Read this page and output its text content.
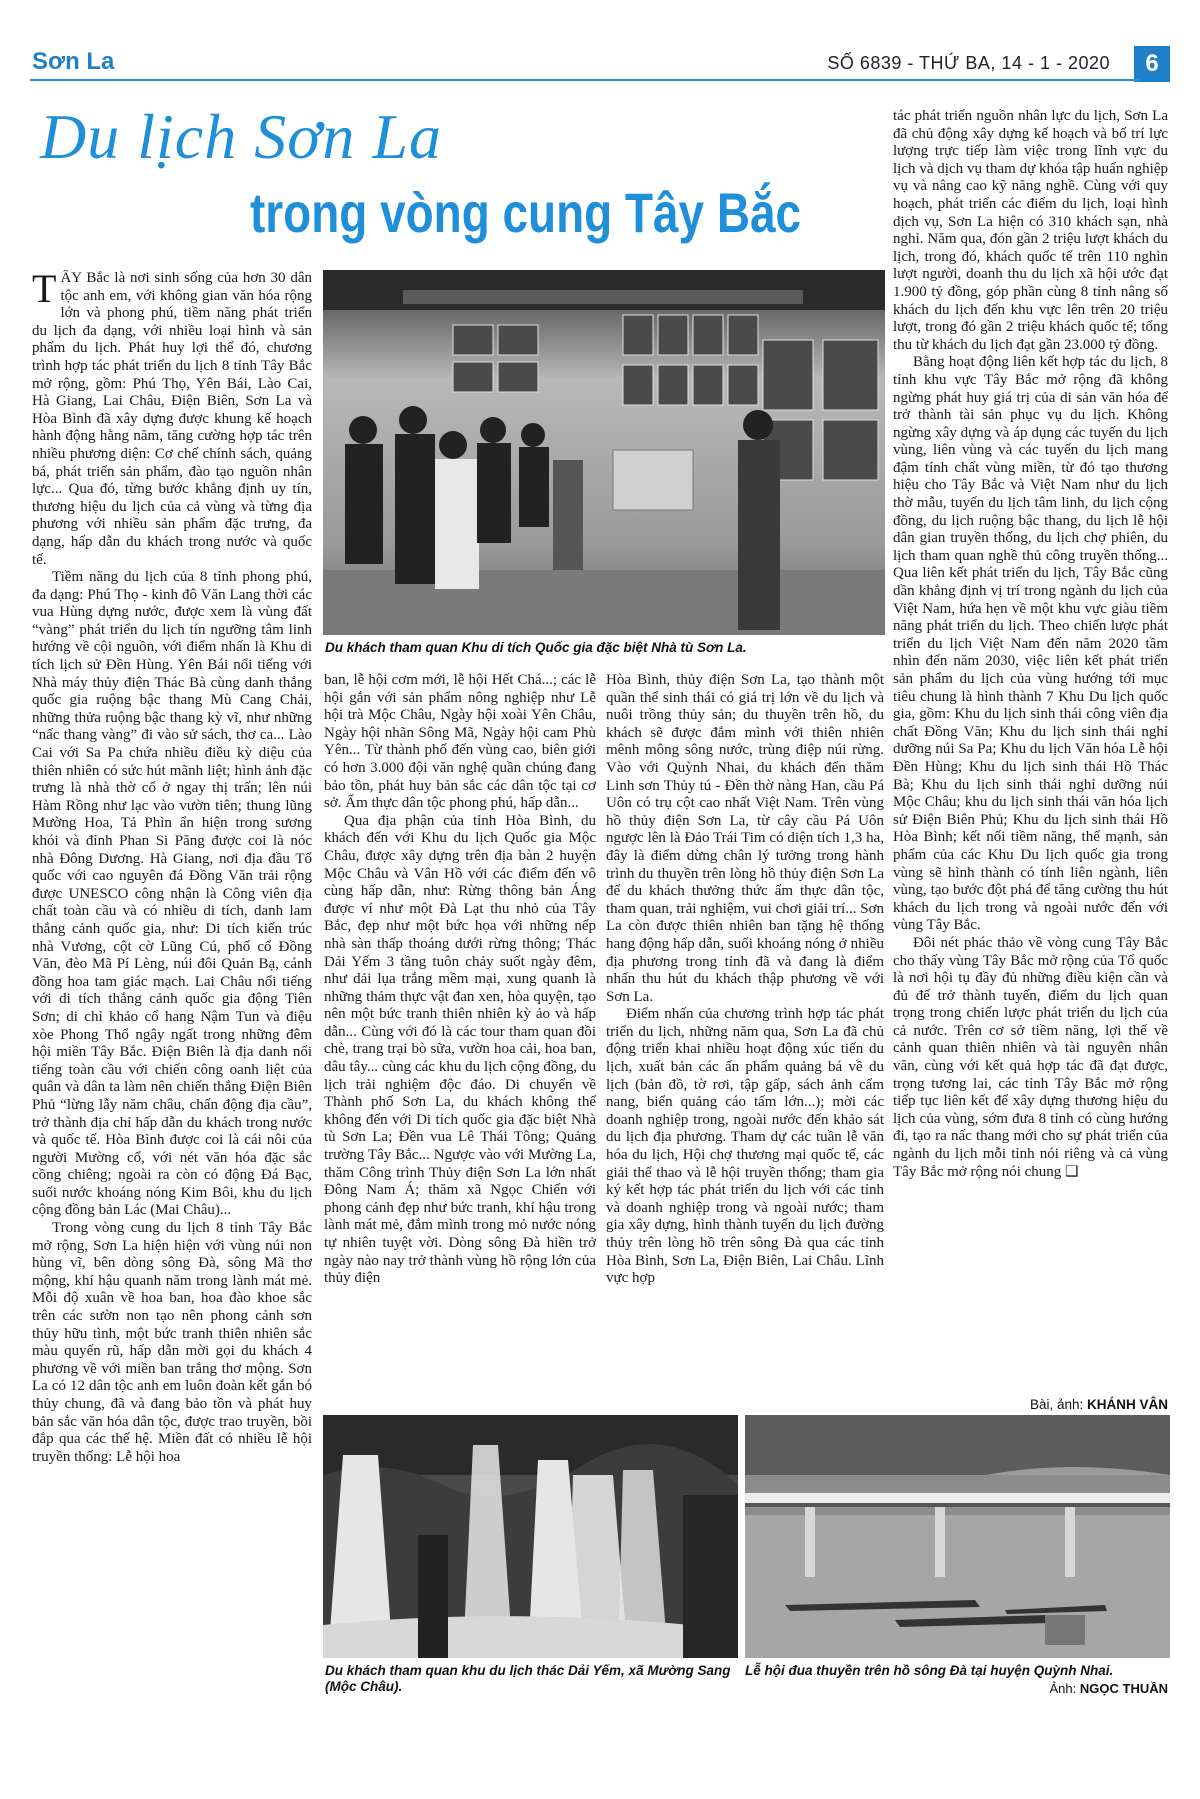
Sơn La	SỐ 6839 - THỨ BA, 14 - 1 - 2020	6
Du lịch Sơn La
trong vòng cung Tây Bắc
Du khách tham quan Khu di tích Quốc gia đặc biệt Nhà tù Sơn La.

TÂY Bắc là nơi sinh sống của hơn 30 dân tộc anh em, với không gian văn hóa rộng lớn và phong phú, tiềm năng phát triển du lịch đa dạng, với nhiều loại hình và sản phẩm du lịch. Phát huy lợi thế đó, chương trình hợp tác phát triển du lịch 8 tỉnh Tây Bắc mở rộng, gồm: Phú Thọ, Yên Bái, Lào Cai, Hà Giang, Lai Châu, Điện Biên, Sơn La và Hòa Bình đã xây dựng được khung kế hoạch hành động hằng năm, tăng cường hợp tác trên nhiều phương diện: Cơ chế chính sách, quảng bá, phát triển sản phẩm, đào tạo nguồn nhân lực... Qua đó, từng bước khẳng định uy tín, thương hiệu du lịch của cả vùng và từng địa phương với nhiều sản phẩm đặc trưng, đa dạng, hấp dẫn du khách trong nước và quốc tế.

Tiềm năng du lịch của 8 tỉnh phong phú, đa dạng: Phú Thọ - kinh đô Văn Lang thời các vua Hùng dựng nước, được xem là vùng đất “vàng” phát triển du lịch tín ngưỡng tâm linh hướng về cội nguồn, với điểm nhấn là Khu di tích lịch sử Đền Hùng. Yên Bái nổi tiếng với Nhà máy thủy điện Thác Bà cùng danh thắng quốc gia ruộng bậc thang Mù Cang Chải, những thửa ruộng bậc thang kỳ vĩ, như những “nấc thang vàng” đi vào sử sách, thơ ca... Lào Cai với Sa Pa chứa nhiều điều kỳ diệu của thiên nhiên có sức hút mãnh liệt; hình ảnh đặc trưng là nhà thờ cổ ở ngay thị trấn; lên núi Hàm Rồng như lạc vào vườn tiên; thung lũng Mường Hoa, Tả Phìn ẩn hiện trong sương khói và đỉnh Phan Si Păng được coi là nóc nhà Đông Dương. Hà Giang, nơi địa đầu Tổ quốc với cao nguyên đá Đồng Văn trải rộng được UNESCO công nhận là Công viên địa chất toàn cầu và có nhiều di tích, danh lam thắng cảnh quốc gia, như: Di tích kiến trúc nhà Vương, cột cờ Lũng Cú, phố cổ Đồng Văn, đèo Mã Pí Lèng, núi đôi Quản Bạ, cánh đồng hoa tam giác mạch. Lai Châu nổi tiếng với di tích thắng cảnh quốc gia động Tiên Sơn; di chỉ khảo cổ hang Nậm Tun và điệu xòe Phong Thổ ngây ngất trong những đêm hội miền Tây Bắc. Điện Biên là địa danh nổi tiếng toàn cầu với chiến công oanh liệt của quân và dân ta làm nên chiến thắng Điện Biên Phủ “lừng lẫy năm châu, chấn động địa cầu”, trở thành địa chỉ hấp dẫn du khách trong nước và quốc tế. Hòa Bình được coi là cái nôi của người Mường cổ, với nét văn hóa đặc sắc cồng chiêng; ngoài ra còn có động Đá Bạc, suối nước khoáng nóng Kim Bôi, khu du lịch cộng đồng bản Lác (Mai Châu)...

Trong vòng cung du lịch 8 tỉnh Tây Bắc mở rộng, Sơn La hiện hiện với vùng núi non hùng vĩ, bên dòng sông Đà, sông Mã thơ mộng, khí hậu quanh năm trong lành mát mẻ. Mỗi độ xuân về hoa ban, hoa đào khoe sắc trên các sườn non tạo nên phong cảnh sơn thủy hữu tình, một bức tranh thiên nhiên sắc màu quyến rũ, hấp dẫn mời gọi du khách 4 phương về với miền ban trắng thơ mộng. Sơn La có 12 dân tộc anh em luôn đoàn kết gắn bó thủy chung, đã và đang bảo tồn và phát huy bản sắc văn hóa dân tộc, được trao truyền, bồi đắp qua các thế hệ. Miền đất có nhiều lễ hội truyền thống: Lễ hội hoa

ban, lễ hội cơm mới, lễ hội Hết Chá...; các lễ hội gắn với sản phẩm nông nghiệp như Lễ hội trà Mộc Châu, Ngày hội xoài Yên Châu, Ngày hội nhãn Sông Mã, Ngày hội cam Phù Yên... Từ thành phố đến vùng cao, biên giới có hơn 3.000 đội văn nghệ quần chúng đang bảo tồn, phát huy bản sắc các dân tộc tại cơ sở. Ẩm thực dân tộc phong phú, hấp dẫn...

Qua địa phận của tỉnh Hòa Bình, du khách đến với Khu du lịch Quốc gia Mộc Châu, được xây dựng trên địa bàn 2 huyện Mộc Châu và Vân Hồ với các điểm đến vô cùng hấp dẫn, như: Rừng thông bản Áng được ví như một Đà Lạt thu nhỏ của Tây Bắc, đẹp như một bức họa với những nếp nhà sàn thấp thoáng dưới rừng thông; Thác Dải Yếm 3 tầng tuôn chảy suốt ngày đêm, như dải lụa trắng mềm mại, xung quanh là những thảm thực vật đan xen, hòa quyện, tạo nên một bức tranh thiên nhiên kỳ ảo và hấp dẫn... Cùng với đó là các tour tham quan đồi chè, trang trại bò sữa, vườn hoa cải, hoa ban, dâu tây... cùng các khu du lịch cộng đồng, du lịch trải nghiệm độc đáo. Di chuyển về Thành phố Sơn La, du khách không thể không đến với Di tích quốc gia đặc biệt Nhà tù Sơn La; Đền vua Lê Thái Tông; Quảng trường Tây Bắc... Ngược vào với Mường La, thăm Công trình Thủy điện Sơn La lớn nhất Đông Nam Á; thăm xã Ngọc Chiến với phong cảnh đẹp như bức tranh, khí hậu trong lành mát mẻ, đắm mình trong mỏ nước nóng tự nhiên tuyệt vời. Dòng sông Đà hiền trở ngày nào nay trở thành vùng hồ rộng lớn của thủy điện

Hòa Bình, thủy điện Sơn La, tạo thành một quần thể sinh thái có giá trị lớn về du lịch và nuôi trồng thủy sản; du thuyền trên hồ, du khách sẽ được đắm mình với thiên nhiên mênh mông sông nước, trùng điệp núi rừng. Vào với Quỳnh Nhai, du khách đến thăm Linh sơn Thủy tú - Đền thờ nàng Han, cầu Pá Uôn có trụ cột cao nhất Việt Nam. Trên vùng hồ thủy điện Sơn La, từ cây cầu Pá Uôn ngược lên là Đảo Trái Tim có diện tích 1,3 ha, đây là điểm dừng chân lý tưởng trong hành trình du thuyền trên lòng hồ thủy điện Sơn La để du khách thưởng thức ẩm thực dân tộc, tham quan, trải nghiệm, vui chơi giải trí... Sơn La còn được thiên nhiên ban tặng hệ thống hang động hấp dẫn, suối khoáng nóng ở nhiều địa phương trong tỉnh đã và đang là điểm nhấn thu hút du khách thập phương về với Sơn La.

Điểm nhấn của chương trình hợp tác phát triển du lịch, những năm qua, Sơn La đã chủ động triển khai nhiều hoạt động xúc tiến du lịch, xuất bản các ấn phẩm quảng bá về du lịch (bản đồ, tờ rơi, tập gấp, sách ảnh cẩm nang, biển quảng cáo tấm lớn...); mời các doanh nghiệp trong, ngoài nước đến khảo sát du lịch địa phương. Tham dự các tuần lễ văn hóa du lịch, Hội chợ thương mại quốc tế, các giải thể thao và lễ hội truyền thống; tham gia ký kết hợp tác phát triển du lịch với các tỉnh và doanh nghiệp trong và ngoài nước; tham gia xây dựng, hình thành tuyến du lịch đường thủy trên lòng hồ trên sông Đà qua các tỉnh Hòa Bình, Sơn La, Điện Biên, Lai Châu. Lĩnh vực hợp

tác phát triển nguồn nhân lực du lịch, Sơn La đã chủ động xây dựng kế hoạch và bố trí lực lượng trực tiếp làm việc trong lĩnh vực du lịch và dịch vụ tham dự khóa tập huấn nghiệp vụ và nâng cao kỹ năng nghề. Cùng với quy hoạch, phát triển các điểm du lịch, loại hình dịch vụ, Sơn La hiện có 310 khách sạn, nhà nghỉ. Năm qua, đón gần 2 triệu lượt khách du lịch, trong đó, khách quốc tế trên 110 nghìn lượt người, doanh thu du lịch xã hội ước đạt 1.900 tỷ đồng, góp phần cùng 8 tỉnh nâng số khách du lịch đến khu vực lên trên 20 triệu lượt, trong đó gần 2 triệu khách quốc tế; tổng thu từ khách du lịch đạt gần 23.000 tỷ đồng.

Bằng hoạt động liên kết hợp tác du lịch, 8 tỉnh khu vực Tây Bắc mở rộng đã không ngừng phát huy giá trị của di sản văn hóa để trở thành tài sản phục vụ du lịch. Không ngừng xây dựng và áp dụng các tuyến du lịch vùng, liên vùng và các tuyến du lịch mang đậm tính chất vùng miền, từ đó tạo thương hiệu cho Tây Bắc và Việt Nam như du lịch thờ mẫu, tuyến du lịch tâm linh, du lịch cộng đồng, du lịch ruộng bậc thang, du lịch lễ hội dân gian truyền thống, du lịch chợ phiên, du lịch tham quan nghề thủ công truyền thống... Qua liên kết phát triển du lịch, Tây Bắc cũng dần khẳng định vị trí trong ngành du lịch của Việt Nam, hứa hẹn về một khu vực giàu tiềm năng phát triển du lịch. Theo chiến lược phát triển du lịch Việt Nam đến năm 2020 tầm nhìn đến năm 2030, việc liên kết phát triển sản phẩm du lịch của vùng hướng tới mục tiêu chung là hình thành 7 Khu Du lịch quốc gia, gồm: Khu du lịch sinh thái công viên địa chất Đồng Văn; Khu du lịch sinh thái nghỉ dưỡng núi Sa Pa; Khu du lịch Văn hóa Lễ hội Đền Hùng; Khu du lịch sinh thái Hồ Thác Bà; Khu du lịch sinh thái nghỉ dưỡng núi Mộc Châu; khu du lịch sinh thái văn hóa lịch sử Điện Biên Phủ; Khu du lịch sinh thái Hồ Hòa Bình; kết nối tiềm năng, thế mạnh, sản phẩm của các Khu Du lịch quốc gia trong vùng sẽ hình thành có tính liên ngành, liên vùng, tạo bước đột phá để tăng cường thu hút khách du lịch trong và ngoài nước đến với vùng Tây Bắc.

Đôi nét phác thảo về vòng cung Tây Bắc cho thấy vùng Tây Bắc mở rộng của Tổ quốc là nơi hội tụ đầy đủ những điều kiện cần và đủ để trở thành tuyến, điểm du lịch quan trọng trong chiến lược phát triển du lịch của cả nước. Trên cơ sở tiềm năng, lợi thế về cảnh quan thiên nhiên và tài nguyên nhân văn, cùng với kết quả hợp tác đã đạt được, trọng tương lai, các tỉnh Tây Bắc mở rộng tiếp tục liên kết để xây dựng thương hiệu du lịch của vùng, sớm đưa 8 tỉnh có cùng hướng đi, tạo ra nấc thang mới cho sự phát triển của ngành du lịch mỗi tỉnh nói riêng và cả vùng Tây Bắc mở rộng nói chung ❑

Bài, ảnh: KHÁNH VÂN
Du khách tham quan khu du lịch thác Dải Yếm, xã Mường Sang (Mộc Châu).
Lễ hội đua thuyền trên hồ sông Đà tại huyện Quỳnh Nhai.
Ảnh: NGỌC THUẦN
